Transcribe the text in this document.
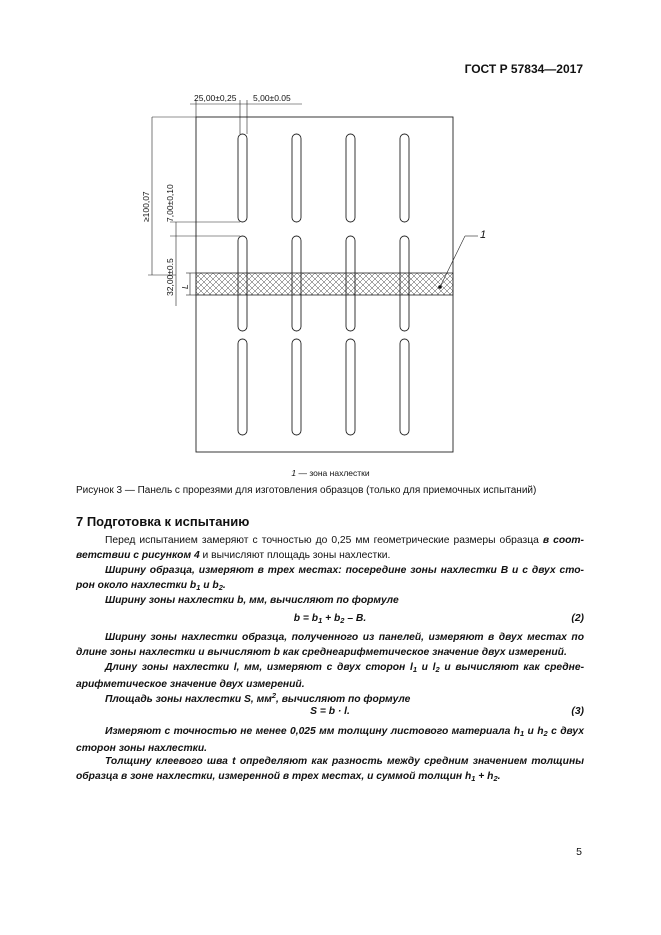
ГОСТ Р 57834—2017
25,00±0,25 5,00±0.05
≥100,07 7,00±0,10
32,00±0.5 L
1
1 — зона нахлестки
Рисунок 3 — Панель с прорезями для изготовления образцов (только для приемочных испытаний)
7 Подготовка к испытанию
Перед испытанием замеряют с точностью до 0,25 мм геометрические размеры образца в соот-ветствии с рисунком 4 и вычисляют площадь зоны нахлестки.
Ширину образца, измеряют в трех местах: посередине зоны нахлестки B и с двух сто-рон около нахлестки $b_1$ и $b_2$.
Ширину зоны нахлестки b, мм, вычисляют по формуле
$b = b_1 + b_2 - B$.	(2)
Ширину зоны нахлестки образца, полученного из панелей, измеряют в двух местах по длине зоны нахлестки и вычисляют b как среднеарифметическое значение двух измерений.
Длину зоны нахлестки l, мм, измеряют с двух сторон $l_1$ и $l_2$ и вычисляют как средне-арифметическое значение двух измерений.
Площадь зоны нахлестки S, $мм^2$, вычисляют по формуле
S = b · l.	(3)
Измеряют с точностью не менее 0,025 мм толщину листового материала $h_1$ и $h_2$ с двух сторон зоны нахлестки.
Толщину клеевого шва t определяют как разность между средним значением толщины образца в зоне нахлестки, измеренной в трех местах, и суммой толщин $h_1 + h_2$.
5
